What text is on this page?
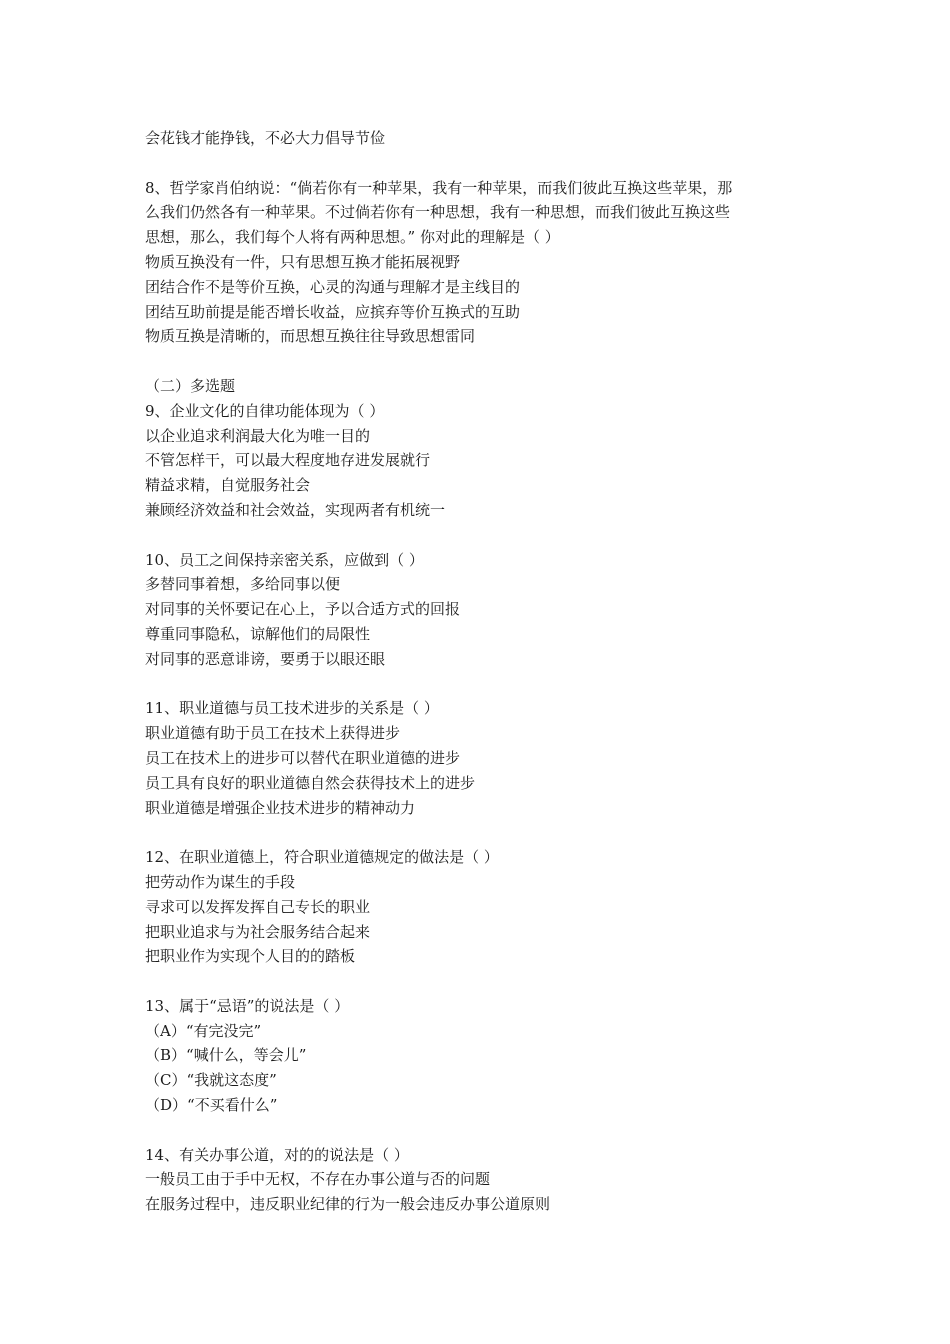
会花钱才能挣钱，不必大力倡导节俭
8、哲学家肖伯纳说：“倘若你有一种苹果，我有一种苹果，而我们彼此互换这些苹果，那
么我们仍然各有一种苹果。不过倘若你有一种思想，我有一种思想，而我们彼此互换这些
思想，那么，我们每个人将有两种思想。” 你对此的理解是（ ）
物质互换没有一件，只有思想互换才能拓展视野
团结合作不是等价互换，心灵的沟通与理解才是主线目的
团结互助前提是能否增长收益，应摈弃等价互换式的互助
物质互换是清晰的，而思想互换往往导致思想雷同
（二）多选题
9、企业文化的自律功能体现为（ ）
以企业追求利润最大化为唯一目的
不管怎样干，可以最大程度地存进发展就行
精益求精，自觉服务社会
兼顾经济效益和社会效益，实现两者有机统一
10、员工之间保持亲密关系，应做到（ ）
多替同事着想，多给同事以便
对同事的关怀要记在心上，予以合适方式的回报
尊重同事隐私，谅解他们的局限性
对同事的恶意诽谤，要勇于以眼还眼
11、职业道德与员工技术进步的关系是（ ）
职业道德有助于员工在技术上获得进步
员工在技术上的进步可以替代在职业道德的进步
员工具有良好的职业道德自然会获得技术上的进步
职业道德是增强企业技术进步的精神动力
12、在职业道德上，符合职业道德规定的做法是（ ）
把劳动作为谋生的手段
寻求可以发挥发挥自己专长的职业
把职业追求与为社会服务结合起来
把职业作为实现个人目的的踏板
13、属于“忌语”的说法是（ ）
（A）“有完没完”
（B）“喊什么，等会儿”
（C）“我就这态度”
（D）“不买看什么”
14、有关办事公道，对的的说法是（ ）
一般员工由于手中无权，不存在办事公道与否的问题
在服务过程中，违反职业纪律的行为一般会违反办事公道原则
